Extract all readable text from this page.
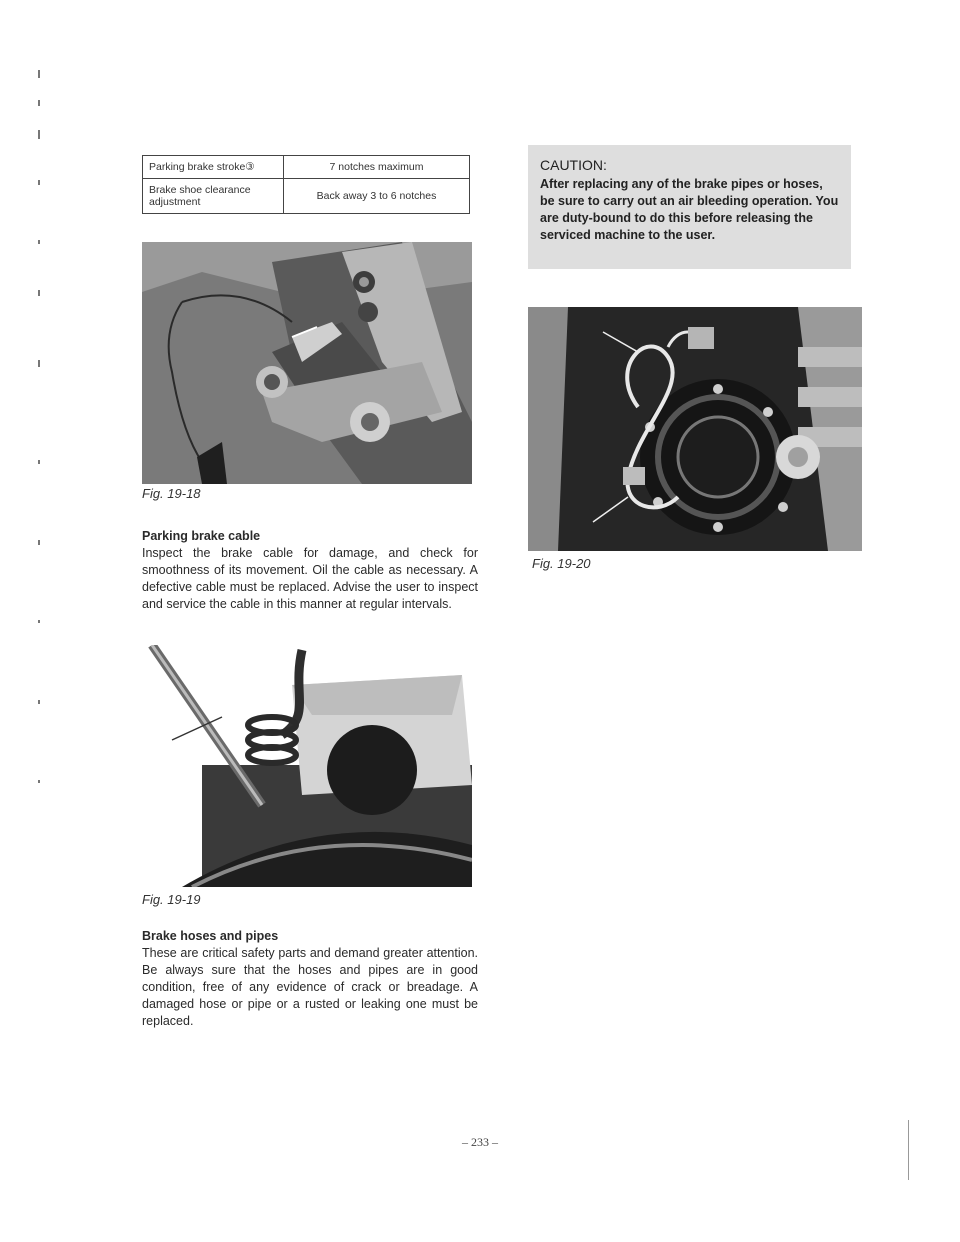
Parking brake stroke③	7 notches maximum
Brake shoe clearance adjustment	Back away 3 to 6 notches
Fig. 19-18
Parking brake cable
Inspect the brake cable for damage, and check for smoothness of its movement. Oil the cable as necessary. A defective cable must be replaced. Advise the user to inspect and service the cable in this manner at regular intervals.
Fig. 19-19
Brake hoses and pipes
These are critical safety parts and demand greater attention. Be always sure that the hoses and pipes are in good condition, free of any evidence of crack or breadage. A damaged hose or pipe or a rusted or leaking one must be replaced.
CAUTION:
After replacing any of the brake pipes or hoses, be sure to carry out an air bleeding operation. You are duty-bound to do this before releasing the serviced machine to the user.
Fig. 19-20
– 233 –
